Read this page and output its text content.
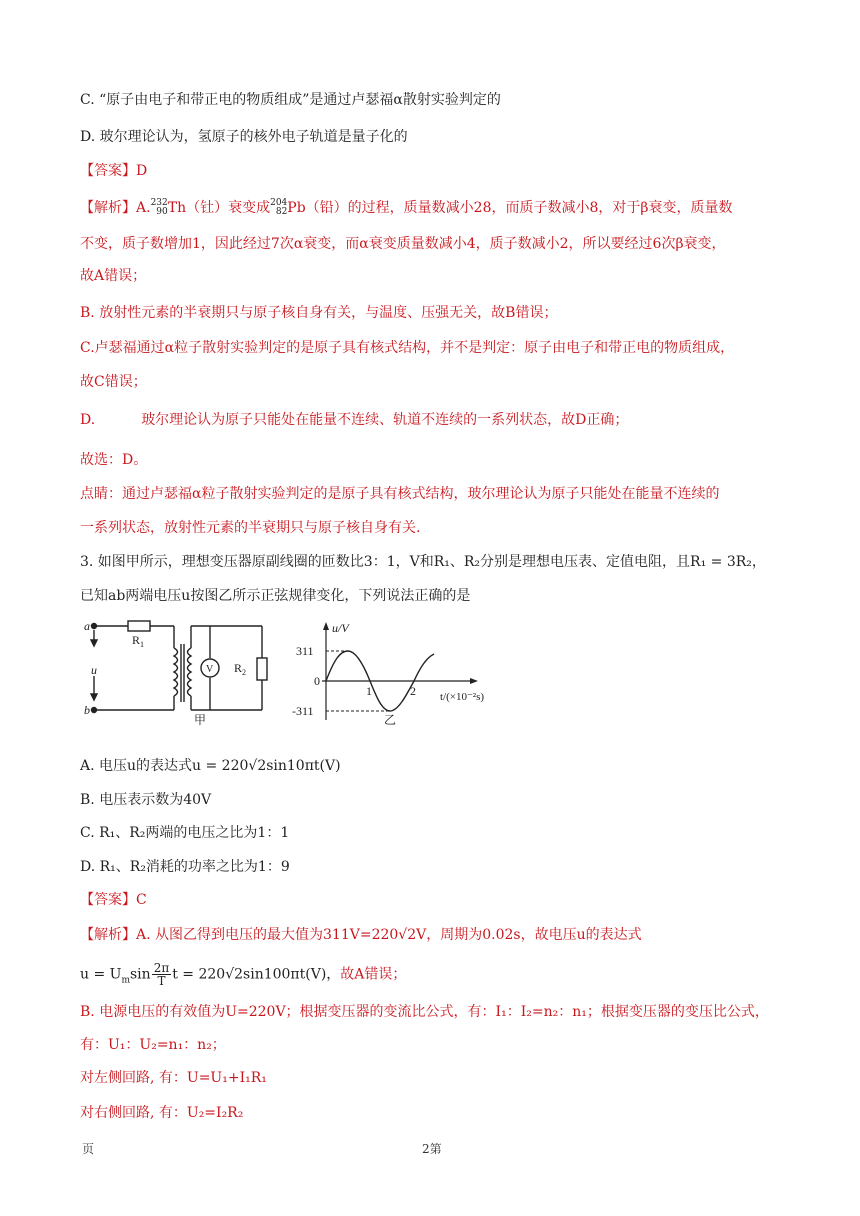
C. “原子由电子和带正电的物质组成”是通过卢瑟福α散射实验判定的
D. 玻尔理论认为，氢原子的核外电子轨道是量子化的
【答案】D
【解析】A. 232
90 Th（钍）衰变成 204
82 Pb（铅）的过程，质量数减小28，而质子数减小8，对于β衰变，质量数
不变，质子数增加1，因此经过7次α衰变，而α衰变质量数减小4，质子数减小2，所以要经过6次β衰变，
故A错误；
B. 放射性元素的半衰期只与原子核自身有关，与温度、压强无关，故B错误；
C.卢瑟福通过α粒子散射实验判定的是原子具有核式结构，并不是判定：原子由电子和带正电的物质组成，
故C错误；
D.	玻尔理论认为原子只能处在能量不连续、轨道不连续的一系列状态，故D正确；
故选：D。
点睛：通过卢瑟福α粒子散射实验判定的是原子具有核式结构，玻尔理论认为原子只能处在能量不连续的
一系列状态，放射性元素的半衰期只与原子核自身有关.
3. 如图甲所示，理想变压器原副线圈的匝数比3：1，V和R₁、R₂分别是理想电压表、定值电阻，且R₁ = 3R₂，
已知ab两端电压u按图乙所示正弦规律变化，下列说法正确的是
a
b
u
$R_1$
V $R_2$
甲
u/V
311
0
-311
1	2 t/(×10⁻²s)
乙
A. 电压u的表达式u = 220√2sin10πt(V)
B. 电压表示数为40V
C. R₁、R₂两端的电压之比为1：1
D. R₁、R₂消耗的功率之比为1：9
【答案】C
【解析】A. 从图乙得到电压的最大值为311V=220√2V，周期为0.02s，故电压u的表达式
$u = U_m\sin \frac{2\pi}{T}$ t = 220√2sin100πt(V)，故A错误；
B. 电源电压的有效值为U=220V；根据变压器的变流比公式，有：I₁：I₂=n₂：n₁；根据变压器的变压比公式，
有：U₁：U₂=n₁：n₂；
对左侧回路, 有：U=U₁+I₁R₁
对右侧回路, 有：U₂=I₂R₂
页	2第
